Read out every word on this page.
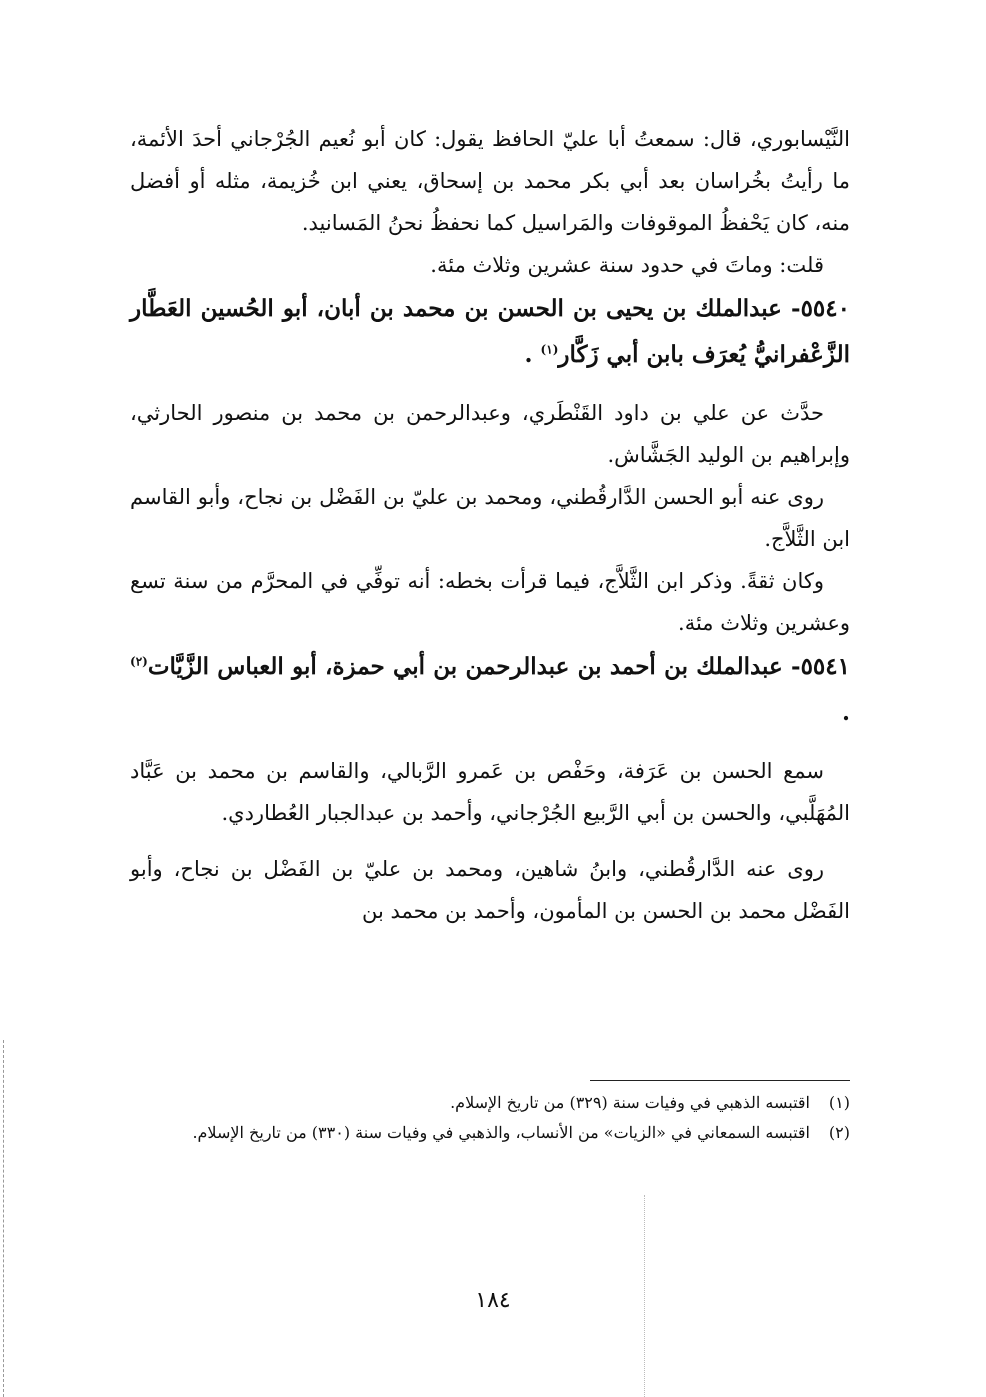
النَّيْسابوري، قال: سمعتُ أبا عليّ الحافظ يقول: كان أبو نُعيم الجُرْجاني أحدَ الأئمة، ما رأيتُ بخُراسان بعد أبي بكر محمد بن إسحاق، يعني ابن خُزيمة، مثله أو أفضل منه، كان يَحْفظُ الموقوفات والمَراسيل كما نحفظُ نحنُ المَسانيد.

قلت: وماتَ في حدود سنة عشرين وثلاث مئة.

٥٥٤٠- عبدالملك بن يحيى بن الحسن بن محمد بن أبان، أبو الحُسين العَطَّار الزَّعْفرانيُّ يُعرَف بابن أبي زَكَّار$^{(١)}$ .

حدَّث عن علي بن داود القَنْطَري، وعبدالرحمن بن محمد بن منصور الحارثي، وإبراهيم بن الوليد الجَشَّاش.

روى عنه أبو الحسن الدَّارقُطني، ومحمد بن عليّ بن الفَضْل بن نجاح، وأبو القاسم ابن الثَّلاَّج.

وكان ثقةً. وذكر ابن الثَّلاَّج، فيما قرأت بخطه: أنه توفِّي في المحرَّم من سنة تسع وعشرين وثلاث مئة.

٥٥٤١- عبدالملك بن أحمد بن عبدالرحمن بن أبي حمزة، أبو العباس الزَّيَّات$^{(٢)}$ .

سمع الحسن بن عَرَفة، وحَفْص بن عَمرو الرَّبالي، والقاسم بن محمد بن عَبَّاد المُهَلَّبي، والحسن بن أبي الرَّبيع الجُرْجاني، وأحمد بن عبدالجبار العُطاردي.

روى عنه الدَّارقُطني، وابنُ شاهين، ومحمد بن عليّ بن الفَضْل بن نجاح، وأبو الفَضْل محمد بن الحسن بن المأمون، وأحمد بن محمد بن

(١)
اقتبسه الذهبي في وفيات سنة (٣٢٩) من تاريخ الإسلام.

(٢)
اقتبسه السمعاني في «الزيات» من الأنساب، والذهبي في وفيات سنة (٣٣٠) من تاريخ الإسلام.

١٨٤
